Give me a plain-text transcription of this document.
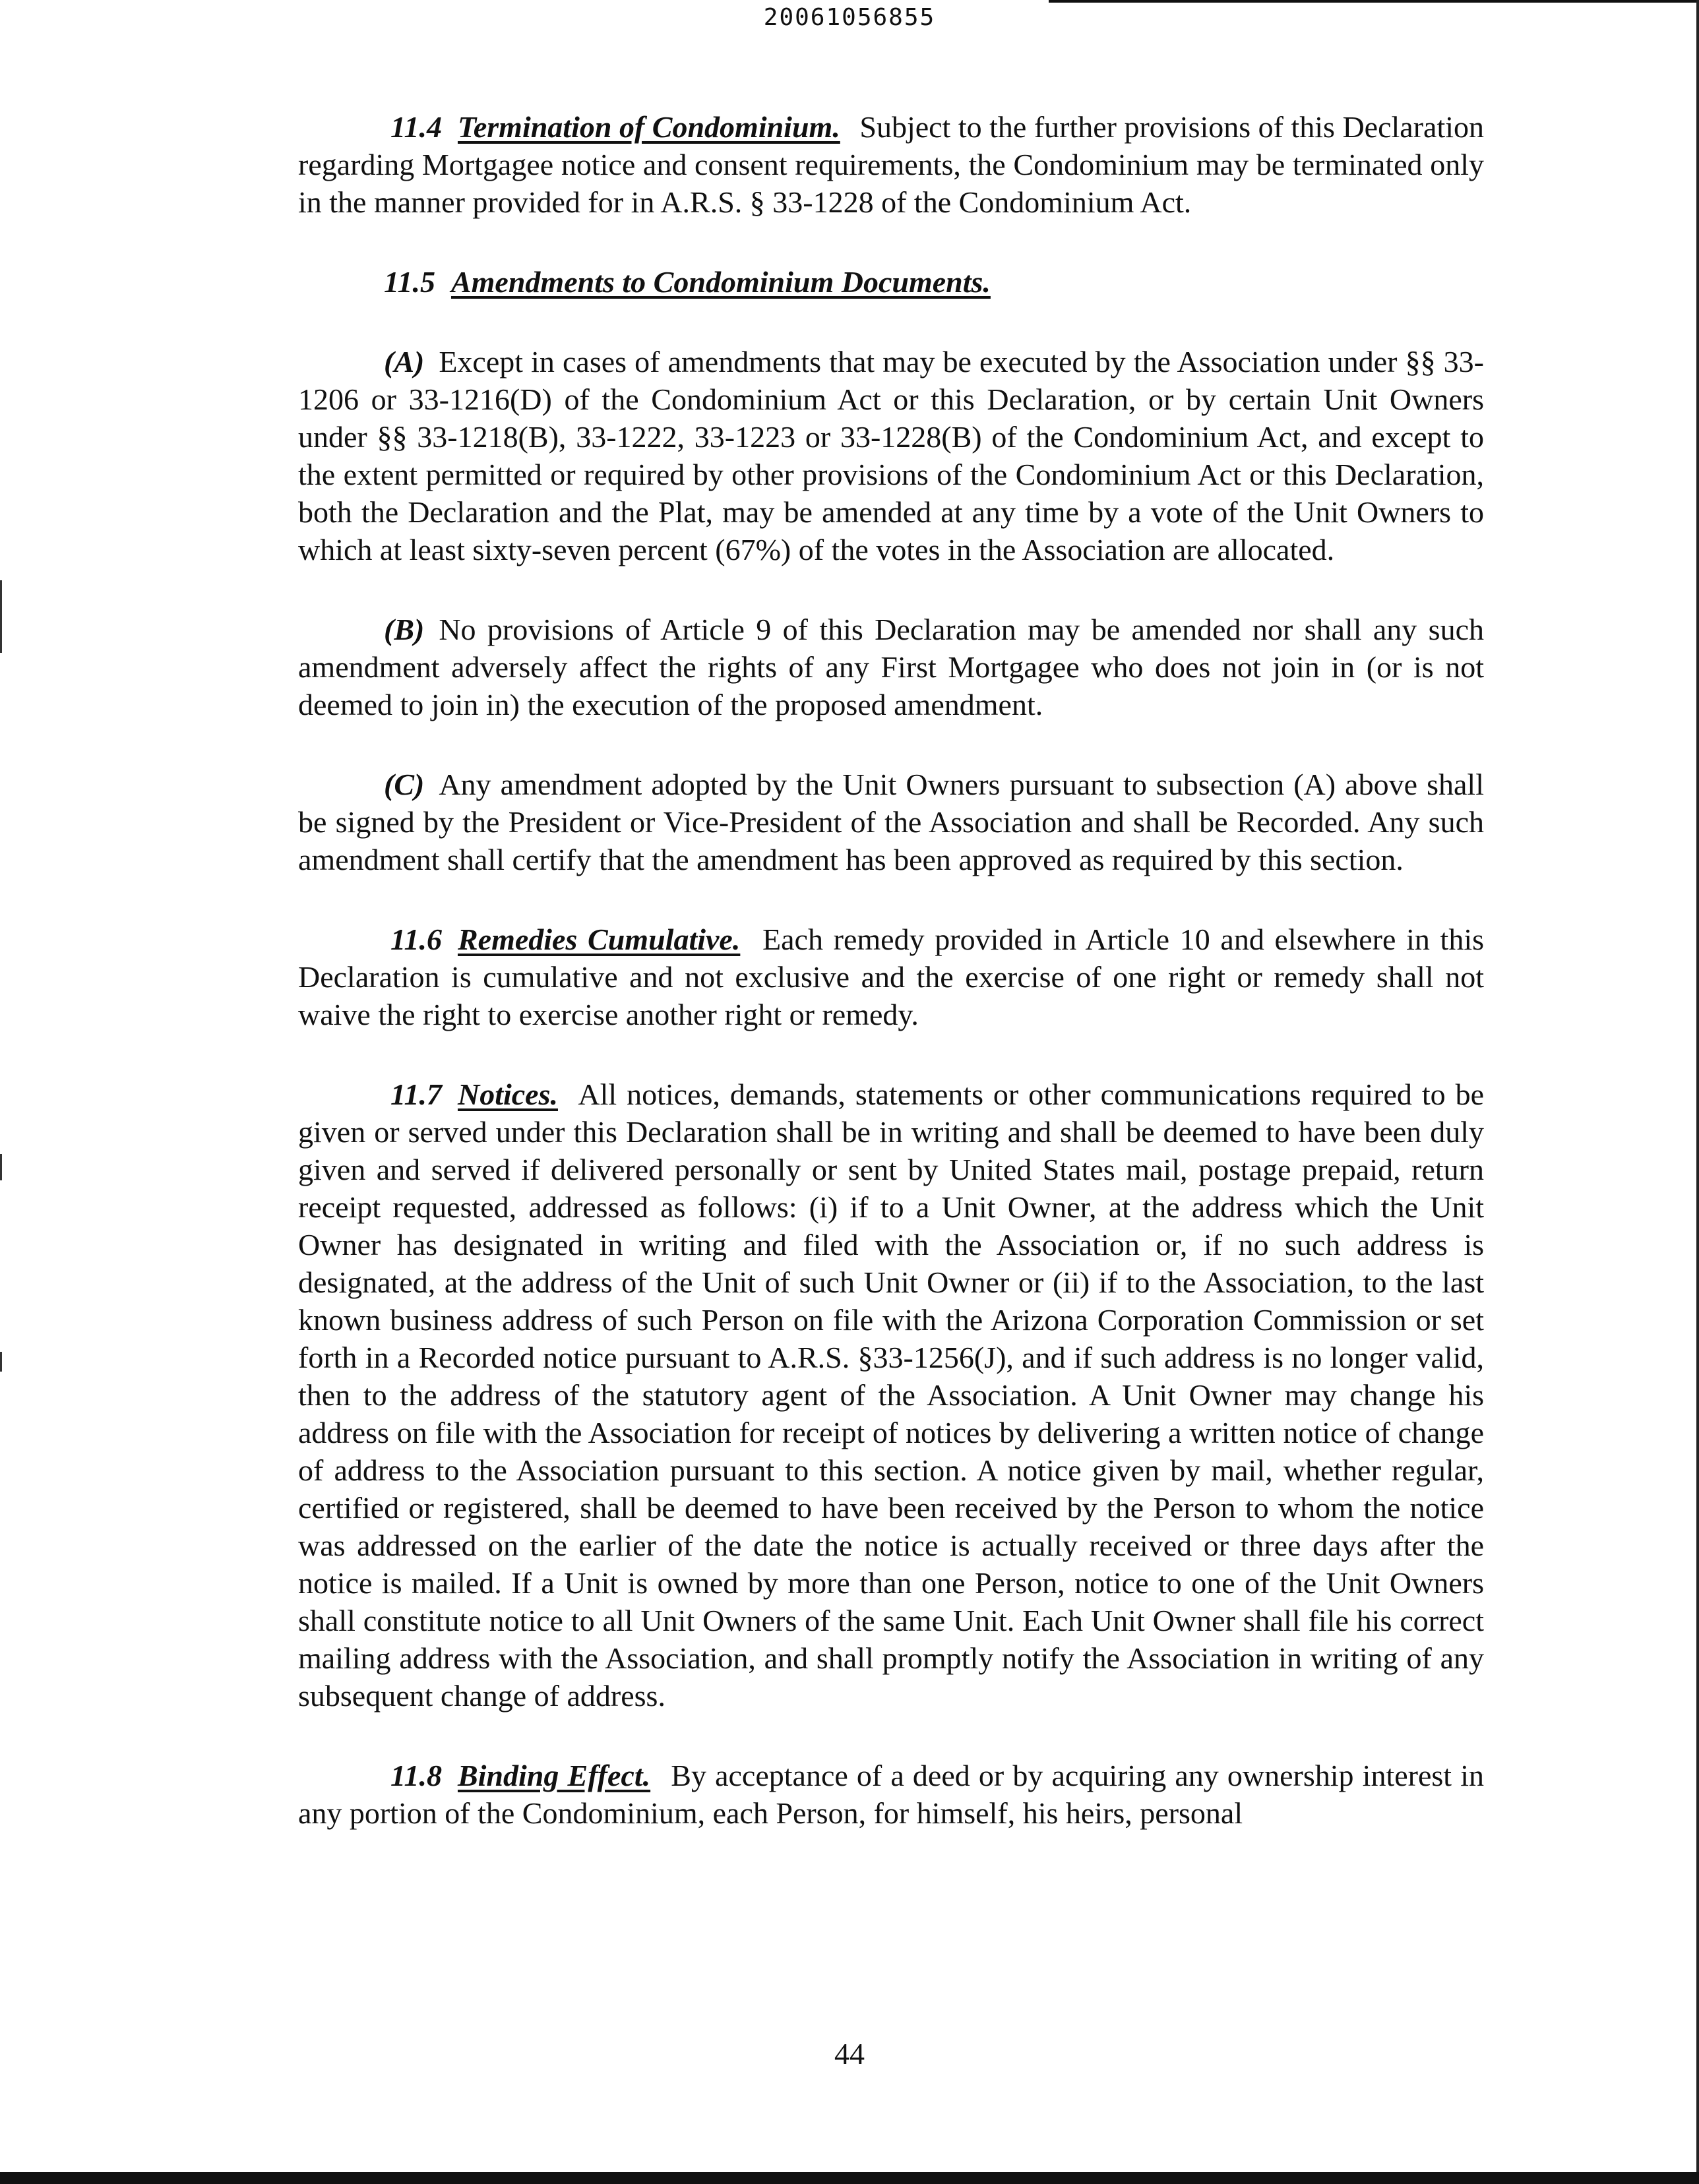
20061056855

11.4 Termination of Condominium. Subject to the further provisions of this Declaration regarding Mortgagee notice and consent requirements, the Condominium may be terminated only in the manner provided for in A.R.S. § 33-1228 of the Condominium Act.

11.5 Amendments to Condominium Documents.

(A) Except in cases of amendments that may be executed by the Association under §§ 33-1206 or 33-1216(D) of the Condominium Act or this Declaration, or by certain Unit Owners under §§ 33-1218(B), 33-1222, 33-1223 or 33-1228(B) of the Condominium Act, and except to the extent permitted or required by other provisions of the Condominium Act or this Declaration, both the Declaration and the Plat, may be amended at any time by a vote of the Unit Owners to which at least sixty-seven percent (67%) of the votes in the Association are allocated.

(B) No provisions of Article 9 of this Declaration may be amended nor shall any such amendment adversely affect the rights of any First Mortgagee who does not join in (or is not deemed to join in) the execution of the proposed amendment.

(C) Any amendment adopted by the Unit Owners pursuant to subsection (A) above shall be signed by the President or Vice-President of the Association and shall be Recorded. Any such amendment shall certify that the amendment has been approved as required by this section.

11.6 Remedies Cumulative. Each remedy provided in Article 10 and elsewhere in this Declaration is cumulative and not exclusive and the exercise of one right or remedy shall not waive the right to exercise another right or remedy.

11.7 Notices. All notices, demands, statements or other communications required to be given or served under this Declaration shall be in writing and shall be deemed to have been duly given and served if delivered personally or sent by United States mail, postage prepaid, return receipt requested, addressed as follows: (i) if to a Unit Owner, at the address which the Unit Owner has designated in writing and filed with the Association or, if no such address is designated, at the address of the Unit of such Unit Owner or (ii) if to the Association, to the last known business address of such Person on file with the Arizona Corporation Commission or set forth in a Recorded notice pursuant to A.R.S. §33-1256(J), and if such address is no longer valid, then to the address of the statutory agent of the Association. A Unit Owner may change his address on file with the Association for receipt of notices by delivering a written notice of change of address to the Association pursuant to this section. A notice given by mail, whether regular, certified or registered, shall be deemed to have been received by the Person to whom the notice was addressed on the earlier of the date the notice is actually received or three days after the notice is mailed. If a Unit is owned by more than one Person, notice to one of the Unit Owners shall constitute notice to all Unit Owners of the same Unit. Each Unit Owner shall file his correct mailing address with the Association, and shall promptly notify the Association in writing of any subsequent change of address.

11.8 Binding Effect. By acceptance of a deed or by acquiring any ownership interest in any portion of the Condominium, each Person, for himself, his heirs, personal

44
